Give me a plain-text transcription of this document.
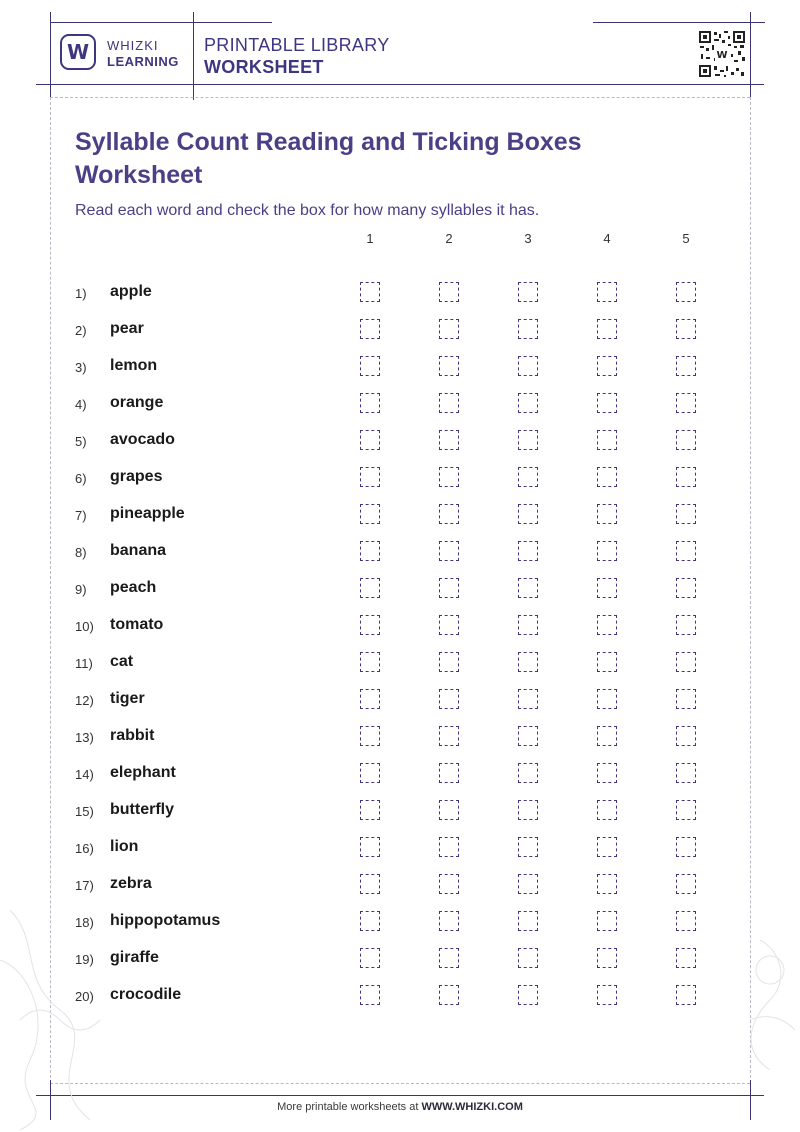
W	WHIZKI
LEARNING
PRINTABLE LIBRARY
WORKSHEET
W
Syllable Count Reading and Ticking Boxes Worksheet
Read each word and check the box for how many syllables it has.
1	2	3	4	5
1) apple
2) pear
3) lemon
4) orange
5) avocado
6) grapes
7) pineapple
8) banana
9) peach
10) tomato
11) cat
12) tiger
13) rabbit
14) elephant
15) butterfly
16) lion
17) zebra
18) hippopotamus
19) giraffe
20) crocodile
More printable worksheets at WWW.WHIZKI.COM
